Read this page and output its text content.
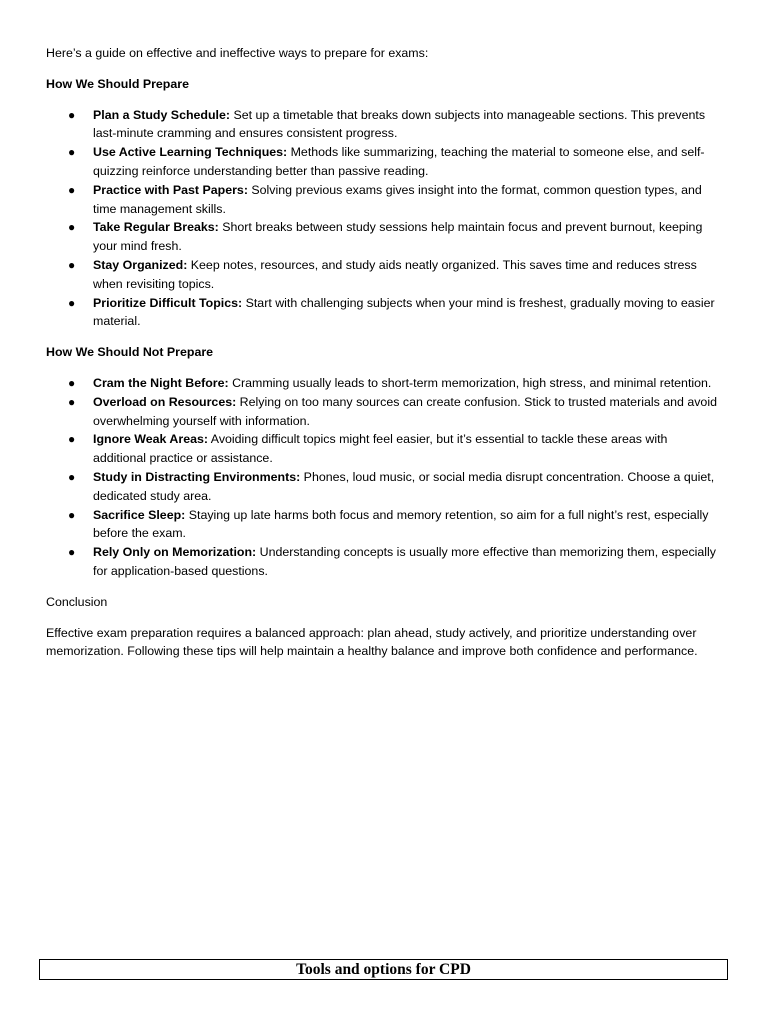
Here’s a guide on effective and ineffective ways to prepare for exams:

How We Should Prepare

● Plan a Study Schedule: Set up a timetable that breaks down subjects into manageable sections. This prevents last-minute cramming and ensures consistent progress.
● Use Active Learning Techniques: Methods like summarizing, teaching the material to someone else, and self-quizzing reinforce understanding better than passive reading.
● Practice with Past Papers: Solving previous exams gives insight into the format, common question types, and time management skills.
● Take Regular Breaks: Short breaks between study sessions help maintain focus and prevent burnout, keeping your mind fresh.
● Stay Organized: Keep notes, resources, and study aids neatly organized. This saves time and reduces stress when revisiting topics.
● Prioritize Difficult Topics: Start with challenging subjects when your mind is freshest, gradually moving to easier material.

How We Should Not Prepare

● Cram the Night Before: Cramming usually leads to short-term memorization, high stress, and minimal retention.
● Overload on Resources: Relying on too many sources can create confusion. Stick to trusted materials and avoid overwhelming yourself with information.
● Ignore Weak Areas: Avoiding difficult topics might feel easier, but it’s essential to tackle these areas with additional practice or assistance.
● Study in Distracting Environments: Phones, loud music, or social media disrupt concentration. Choose a quiet, dedicated study area.
● Sacrifice Sleep: Staying up late harms both focus and memory retention, so aim for a full night’s rest, especially before the exam.
● Rely Only on Memorization: Understanding concepts is usually more effective than memorizing them, especially for application-based questions.

Conclusion

Effective exam preparation requires a balanced approach: plan ahead, study actively, and prioritize understanding over memorization. Following these tips will help maintain a healthy balance and improve both confidence and performance.

Tools and options for CPD
